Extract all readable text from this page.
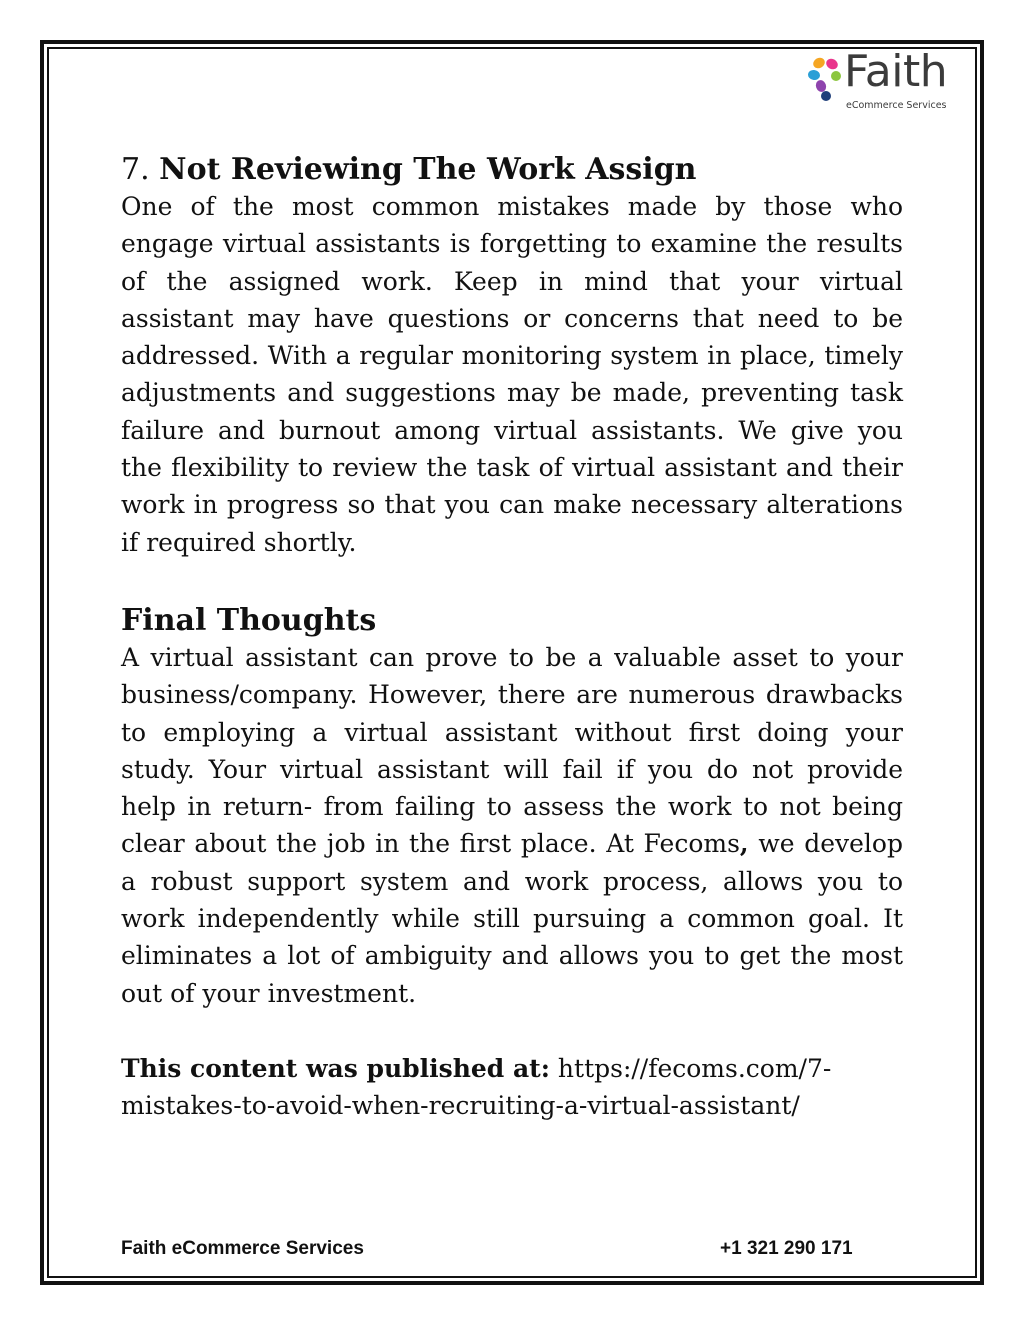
Faith
eCommerce Services
7. Not Reviewing The Work Assign

One of the most common mistakes made by those who engage virtual assistants is forgetting to examine the results of the assigned work. Keep in mind that your virtual assistant may have questions or concerns that need to be addressed. With a regular monitoring system in place, timely adjustments and suggestions may be made, preventing task failure and burnout among virtual assistants. We give you the flexibility to review the task of virtual assistant and their work in progress so that you can make necessary alterations if required shortly.

Final Thoughts

A virtual assistant can prove to be a valuable asset to your business/company. However, there are numerous drawbacks to employing a virtual assistant without first doing your study. Your virtual assistant will fail if you do not provide help in return- from failing to assess the work to not being clear about the job in the first place. At Fecoms, we develop a robust support system and work process, allows you to work independently while still pursuing a common goal. It eliminates a lot of ambiguity and allows you to get the most out of your investment.

This content was published at: https://fecoms.com/7-mistakes-to-avoid-when-recruiting-a-virtual-assistant/

Faith eCommerce Services	+1 321 290 171
